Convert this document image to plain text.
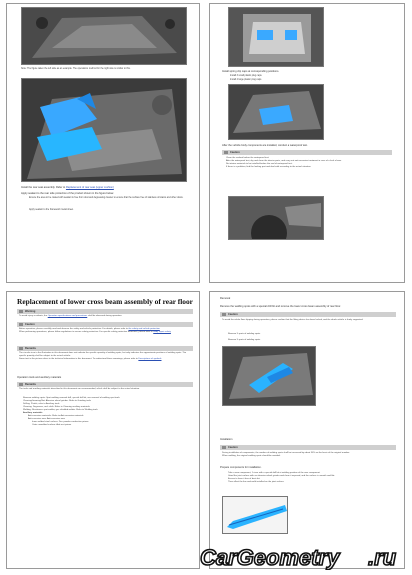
Note: The figure taken the left side as an example. The operations method for the right side is similar to this.
Install the rear seat assembly. Refer to Replacement of rear seat (upper cushion)
Apply sealant to the rear side protection of the product shown in the figure below.
Ensure the area to be coated with sealant is free from dust and degreasing cleaner to ensure that the surface free of stainless oil stains and other dusts.
Apply sealant to the framework metal sheet.
Install spring clip caps at corresponding positions.
Install 3 small plastic plug caps.
Install 4 large plastic plug caps.
After the vehicle body components are installed, conduct a waterproof test.
Caution
Clean the sealant before the waterproof test.
After the waterproof test, dry and clean the interior parts, and carry out anti-corrosion treatment in case of a lack of wax.
No interior materials to be installed before the end of waterproof test.
If there is a problem, find the leaking part and deal with according to the actual situation.
Replacement of lower cross beam assembly of rear floor
Warning
To avoid injury accidents, the Operation specifications and precautions shall be observed during operation.
Caution
Before operation, please carefully read and observe the safety and vehicle protection. For details, please refer to the safety and vehicle protection
When performing operations, please follow regulations to ensure safety protection. For specific safety protection measures, please refer to Body repair safety
Remarks
The circular icon in the illustration in this document does not indicate the specific quantity of welding spots, but only indicates the approximate positions of welding spots. The specific quantity shall be subject to the actual vehicle.
Some text in the picture refers to the technical information in this document. To understand these meanings, please refer to Descriptions of symbols
Operation tools and auxiliary materials
Remarks
The tools and auxiliary materials described in this document are recommended, which shall be subject to the actual situation.
Remove welding spots: Spot welding removal drill, special drill bit, see removal of welding spot tools
Cleaning/trimming/filet: Abrasive wheel grinder. Refer to Grinding tools
Drilling: Pistols, refer to Auxiliary tools
Cleaning: Degreaser, rack cloth. Refer to Cleaning auxiliary materials
Welding: Resistance spot welder, gas shielded welder. Refer to Welding tools
Auxiliary materials
Anti-corrosion materials: Refer to Anti-corrosion materials
Anti-corrosive wax: Anti-corrosive wax
Inner welded steel surface: Zinc powder conductive primer
Outer unwelded surface: Anti-rust primer
Removal
Remove the welding spots with a special drill bit and remove the lower cross beam assembly of rear floor.
Caution
To avoid the whole floor slipping during operation, please confirm that the lifting device has been locked, and the whole vehicle is firmly supported.
Remove 5 spots of welding spots.
Remove 5 spots of welding spots.
Installation
Caution
During installation of components, the number of welding spots shall be increased by about 30% on the basis of the original number.
When welding, the original welding spots should be avoided.
Prepare components for installation.
Take a new component, 1 rinse with a special drill bit at welding position of the new component.
Grind the joint surface with an abrasive wheel grinder and clean it exposed, and the surface is smooth and flat.
Ensure to have it free of dust dirt.
Then offset the line and weld installed on the joint surface.
CarGeometry .ru
